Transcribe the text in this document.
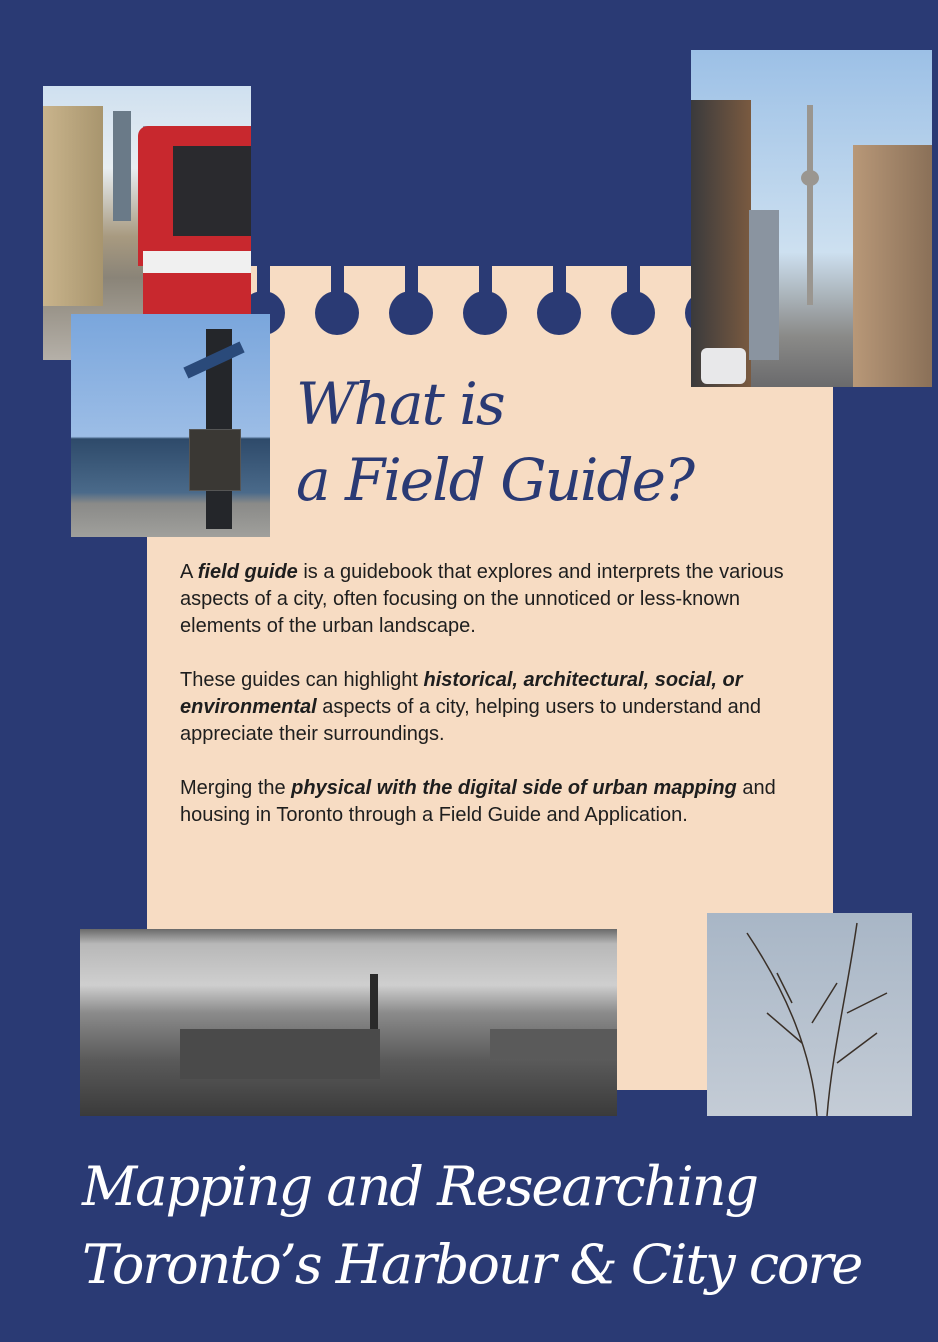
What is
a Field Guide?

A field guide is a guidebook that explores and interprets the various aspects of a city, often focusing on the unnoticed or less-known elements of the urban landscape.

These guides can highlight historical, architectural, social, or environmental aspects of a city, helping users to understand and appreciate their surroundings.

Merging the physical with the digital side of urban mapping and housing in Toronto through a Field Guide and Application.

Mapping and Researching
Toronto’s Harbour & City core
